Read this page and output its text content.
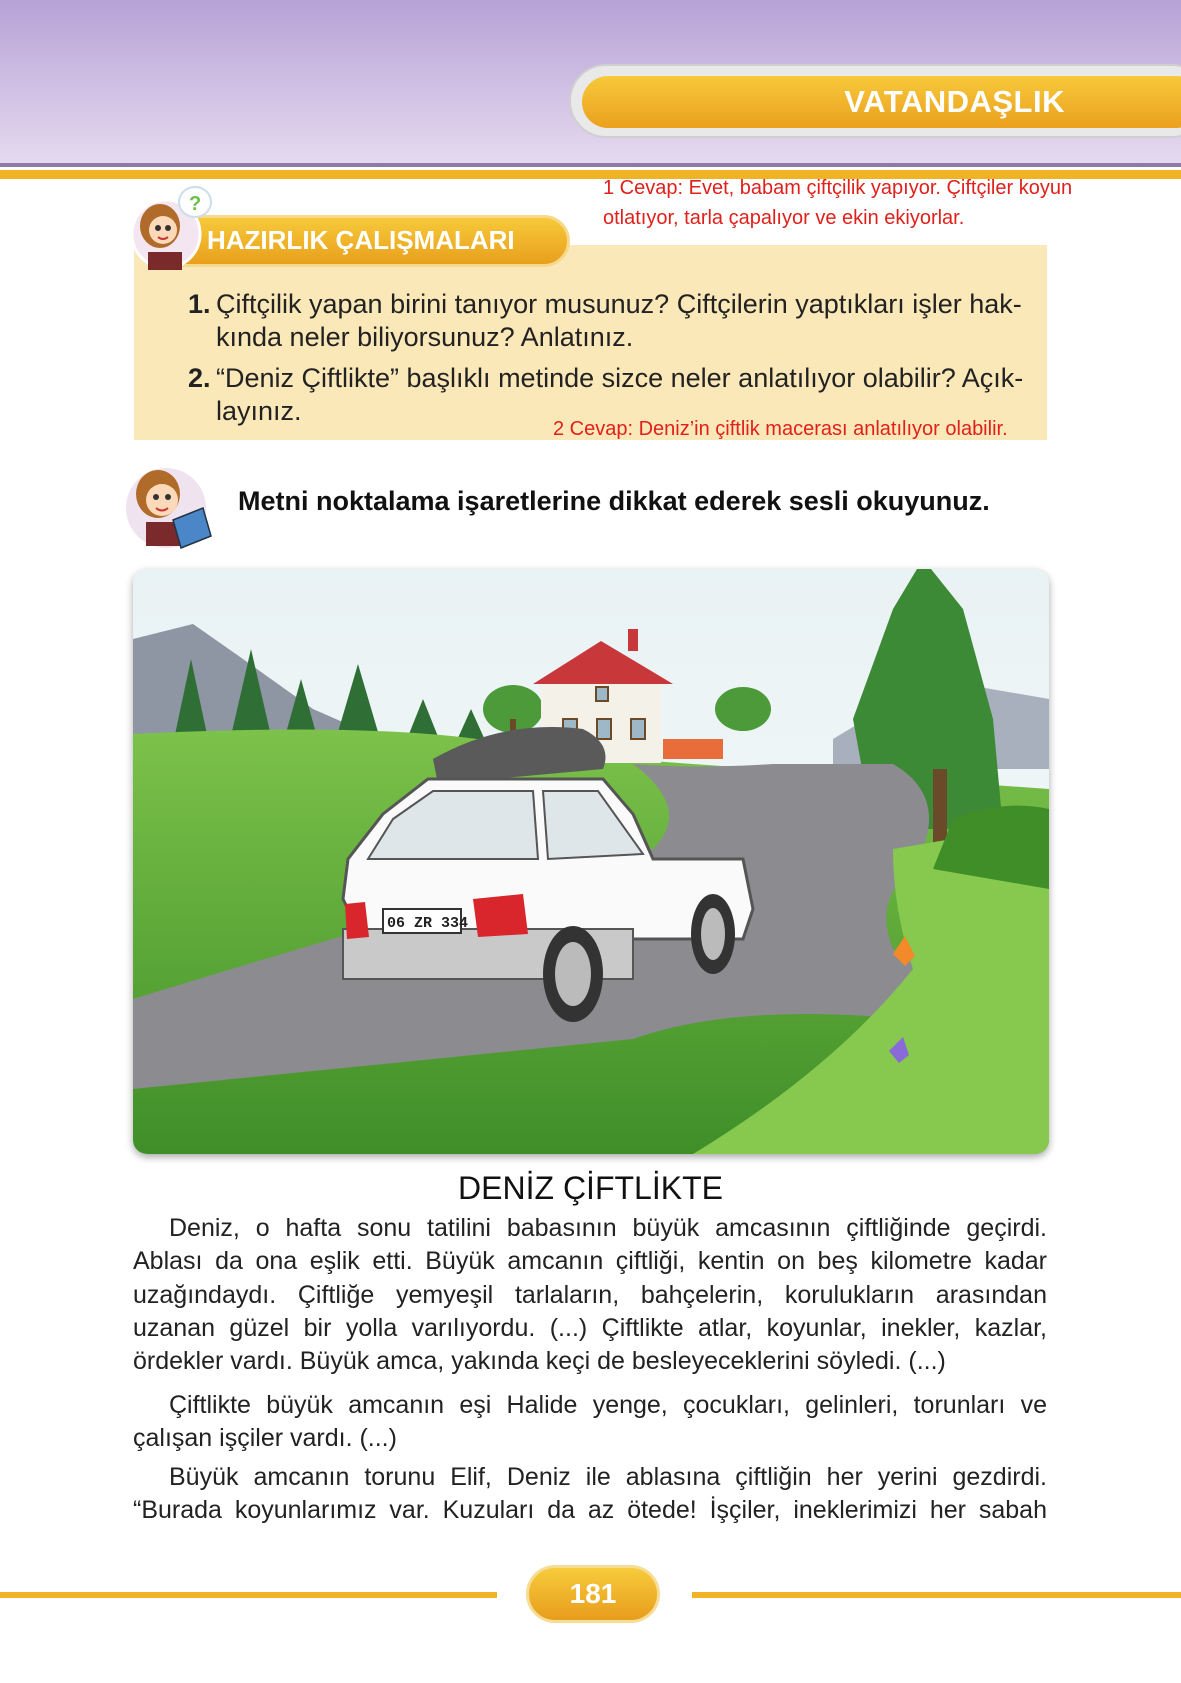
VATANDAŞLIK
HAZIRLIK ÇALIŞMALARI
?
1 Cevap: Evet, babam çiftçilik yapıyor. Çiftçiler koyun
otlatıyor, tarla çapalıyor ve ekin ekiyorlar.
1. Çiftçilik yapan birini tanıyor musunuz? Çiftçilerin yaptıkları işler hak-
kında neler biliyorsunuz? Anlatınız.
2. “Deniz Çiftlikte” başlıklı metinde sizce neler anlatılıyor olabilir? Açık-
layınız.
2 Cevap: Deniz’in çiftlik macerası anlatılıyor olabilir.
Metni noktalama işaretlerine dikkat ederek sesli okuyunuz.
06 ZR 334
DENİZ ÇİFTLİKTE
Deniz, o hafta sonu tatilini babasının büyük amcasının çiftliğinde geçirdi.
Ablası da ona eşlik etti. Büyük amcanın çiftliği, kentin on beş kilometre kadar
uzağındaydı. Çiftliğe yemyeşil tarlaların, bahçelerin, korulukların arasından
uzanan güzel bir yolla varılıyordu. (...) Çiftlikte atlar, koyunlar, inekler, kazlar,
ördekler vardı. Büyük amca, yakında keçi de besleyeceklerini söyledi. (...)
Çiftlikte büyük amcanın eşi Halide yenge, çocukları, gelinleri, torunları ve
çalışan işçiler vardı. (...)
Büyük amcanın torunu Elif, Deniz ile ablasına çiftliğin her yerini gezdirdi.
“Burada koyunlarımız var. Kuzuları da az ötede! İşçiler, ineklerimizi her sabah
181
